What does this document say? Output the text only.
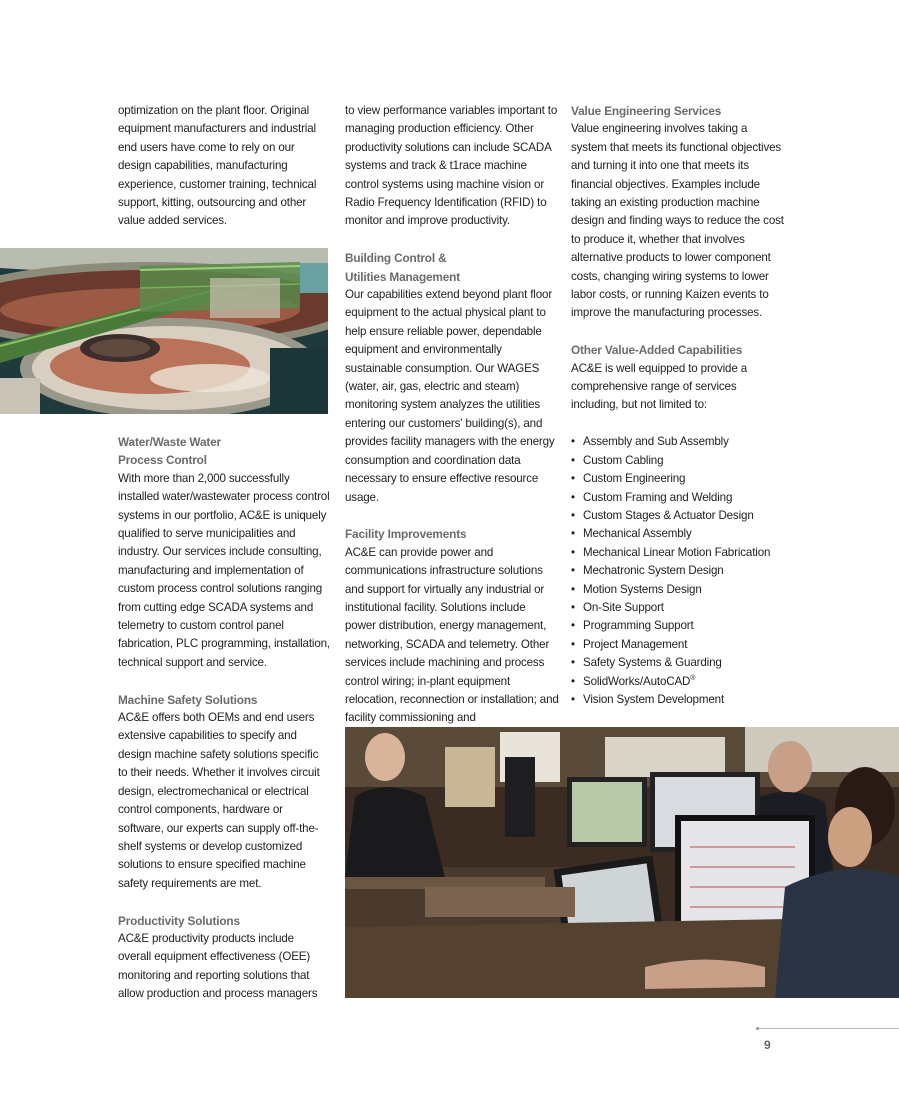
optimization on the plant floor. Original equipment manufacturers and industrial end users have come to rely on our design capabilities, manufacturing experience, customer training, technical support, kitting, outsourcing and other value added services.

Water/Waste Water
Process Control

With more than 2,000 successfully installed water/wastewater process control systems in our portfolio, AC&E is uniquely qualified to serve municipalities and industry. Our services include consulting, manufacturing and implementation of custom process control solutions ranging from cutting edge SCADA systems and telemetry to custom control panel fabrication, PLC programming, installation, technical support and service.

Machine Safety Solutions

AC&E offers both OEMs and end users extensive capabilities to specify and design machine safety solutions specific to their needs. Whether it involves circuit design, electromechanical or electrical control components, hardware or software, our experts can supply off-the-shelf systems or develop customized solutions to ensure specified machine safety requirements are met.

Productivity Solutions

AC&E productivity products include overall equipment effectiveness (OEE) monitoring and reporting solutions that allow production and process managers

to view performance variables important to managing production efficiency. Other productivity solutions can include SCADA systems and track & t1race machine control systems using machine vision or Radio Frequency Identification (RFID) to monitor and improve productivity.

Building Control &
Utilities Management

Our capabilities extend beyond plant floor equipment to the actual physical plant to help ensure reliable power, dependable equipment and environmentally sustainable consumption. Our WAGES (water, air, gas, electric and steam) monitoring system analyzes the utilities entering our customers' building(s), and provides facility managers with the energy consumption and coordination data necessary to ensure effective resource usage.

Facility Improvements

AC&E can provide power and communications infrastructure solutions and support for virtually any industrial or institutional facility. Solutions include power distribution, energy management, networking, SCADA and telemetry. Other services include machining and process control wiring; in-plant equipment relocation, reconnection or installation; and facility commissioning and

Value Engineering Services

Value engineering involves taking a system that meets its functional objectives and turning it into one that meets its financial objectives. Examples include taking an existing production machine design and finding ways to reduce the cost to produce it, whether that involves alternative products to lower component costs, changing wiring systems to lower labor costs, or running Kaizen events to improve the manufacturing processes.

Other Value-Added Capabilities

AC&E is well equipped to provide a comprehensive range of services including, but not limited to:

• Assembly and Sub Assembly
• Custom Cabling
• Custom Engineering
• Custom Framing and Welding
• Custom Stages & Actuator Design
• Mechanical Assembly
• Mechanical Linear Motion Fabrication
• Mechatronic System Design
• Motion Systems Design
• On-Site Support
• Programming Support
• Project Management
• Safety Systems & Guarding
• SolidWorks/AutoCAD®
• Vision System Development
9
